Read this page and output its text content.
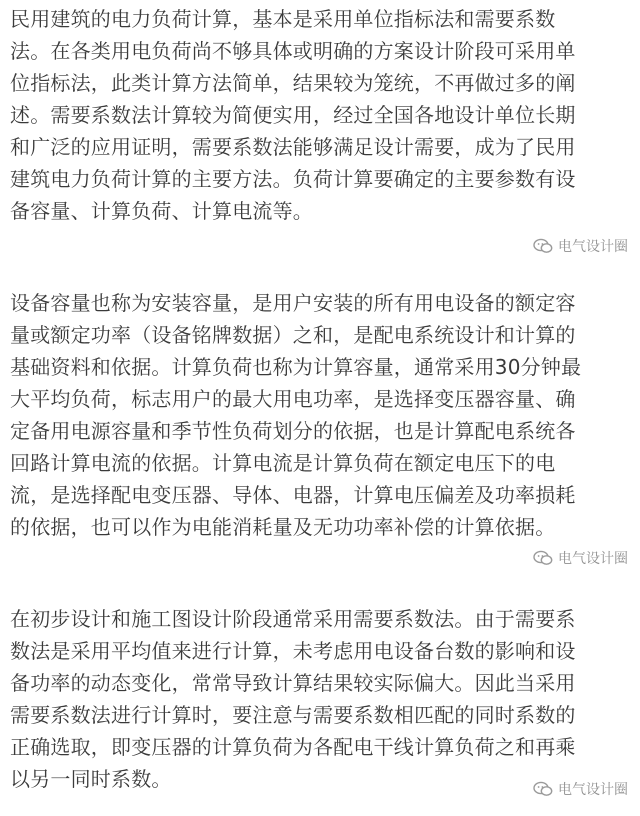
民用建筑的电力负荷计算，基本是采用单位指标法和需要系数
法。在各类用电负荷尚不够具体或明确的方案设计阶段可采用单
位指标法，此类计算方法简单，结果较为笼统，不再做过多的阐
述。需要系数法计算较为简便实用，经过全国各地设计单位长期
和广泛的应用证明，需要系数法能够满足设计需要，成为了民用
建筑电力负荷计算的主要方法。负荷计算要确定的主要参数有设
备容量、计算负荷、计算电流等。

设备容量也称为安装容量，是用户安装的所有用电设备的额定容
量或额定功率（设备铭牌数据）之和，是配电系统设计和计算的
基础资料和依据。计算负荷也称为计算容量，通常采用30分钟最
大平均负荷，标志用户的最大用电功率，是选择变压器容量、确
定备用电源容量和季节性负荷划分的依据，也是计算配电系统各
回路计算电流的依据。计算电流是计算负荷在额定电压下的电
流，是选择配电变压器、导体、电器，计算电压偏差及功率损耗
的依据，也可以作为电能消耗量及无功功率补偿的计算依据。

在初步设计和施工图设计阶段通常采用需要系数法。由于需要系
数法是采用平均值来进行计算，未考虑用电设备台数的影响和设
备功率的动态变化，常常导致计算结果较实际偏大。因此当采用
需要系数法进行计算时，要注意与需要系数相匹配的同时系数的
正确选取，即变压器的计算负荷为各配电干线计算负荷之和再乘
以另一同时系数。

电气设计圈
电气设计圈
电气设计圈
